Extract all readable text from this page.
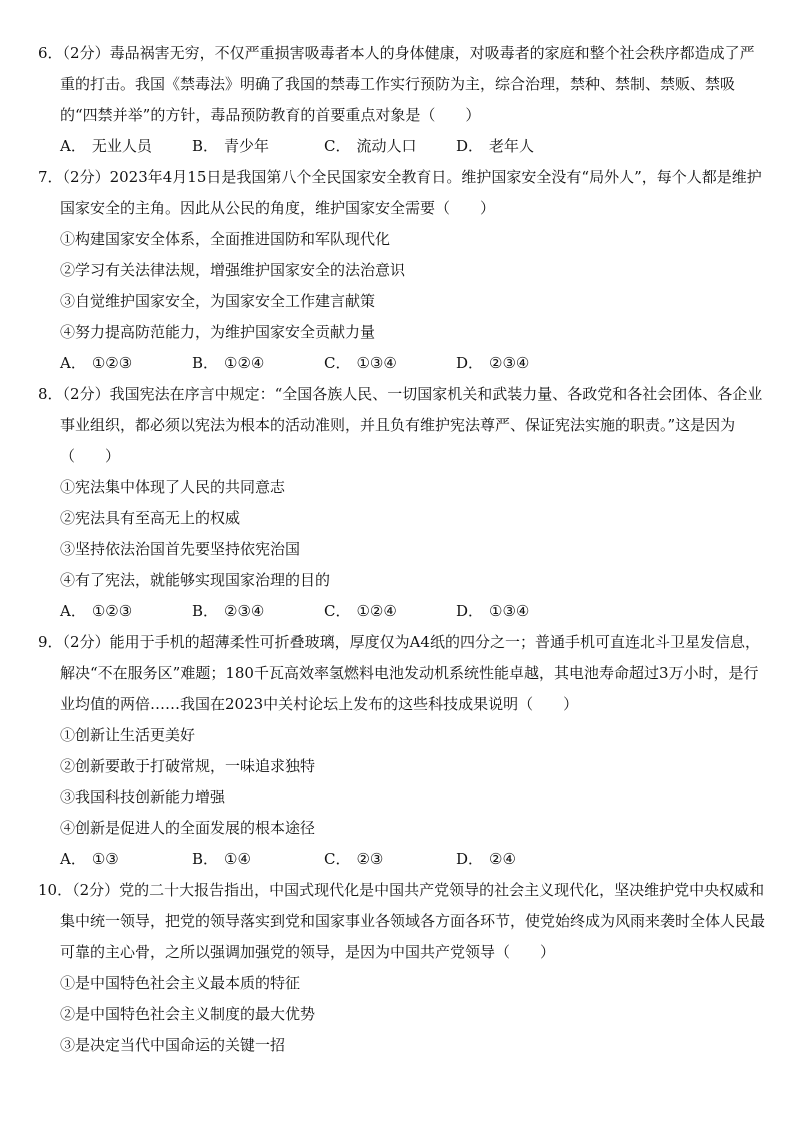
6．（2分）毒品祸害无穷，不仅严重损害吸毒者本人的身体健康，对吸毒者的家庭和整个社会秩序都造成了严重的打击。我国《禁毒法》明确了我国的禁毒工作实行预防为主，综合治理，禁种、禁制、禁贩、禁吸的“四禁并举”的方针，毒品预防教育的首要重点对象是（　　）

A． 无业人员	B． 青少年	C． 流动人口	D． 老年人

7．（2分）2023年4月15日是我国第八个全民国家安全教育日。维护国家安全没有“局外人”，每个人都是维护国家安全的主角。因此从公民的角度，维护国家安全需要（　　）

①构建国家安全体系，全面推进国防和军队现代化

②学习有关法律法规，增强维护国家安全的法治意识

③自觉维护国家安全，为国家安全工作建言献策

④努力提高防范能力，为维护国家安全贡献力量

A． ①②③	B． ①②④	C． ①③④	D． ②③④

8．（2分）我国宪法在序言中规定：“全国各族人民、一切国家机关和武装力量、各政党和各社会团体、各企业事业组织，都必须以宪法为根本的活动准则，并且负有维护宪法尊严、保证宪法实施的职责。”这是因为（　　）

①宪法集中体现了人民的共同意志

②宪法具有至高无上的权威

③坚持依法治国首先要坚持依宪治国

④有了宪法，就能够实现国家治理的目的

A． ①②③	B． ②③④	C． ①②④	D． ①③④

9．（2分）能用于手机的超薄柔性可折叠玻璃，厚度仅为A4纸的四分之一；普通手机可直连北斗卫星发信息，解决“不在服务区”难题；180千瓦高效率氢燃料电池发动机系统性能卓越，其电池寿命超过3万小时，是行业均值的两倍……我国在2023中关村论坛上发布的这些科技成果说明（　　）

①创新让生活更美好

②创新要敢于打破常规，一味追求独特

③我国科技创新能力增强

④创新是促进人的全面发展的根本途径

A． ①③	B． ①④	C． ②③	D． ②④

10．（2分）党的二十大报告指出，中国式现代化是中国共产党领导的社会主义现代化，坚决维护党中央权威和集中统一领导，把党的领导落实到党和国家事业各领域各方面各环节，使党始终成为风雨来袭时全体人民最可靠的主心骨，之所以强调加强党的领导，是因为中国共产党领导（　　）

①是中国特色社会主义最本质的特征

②是中国特色社会主义制度的最大优势

③是决定当代中国命运的关键一招
